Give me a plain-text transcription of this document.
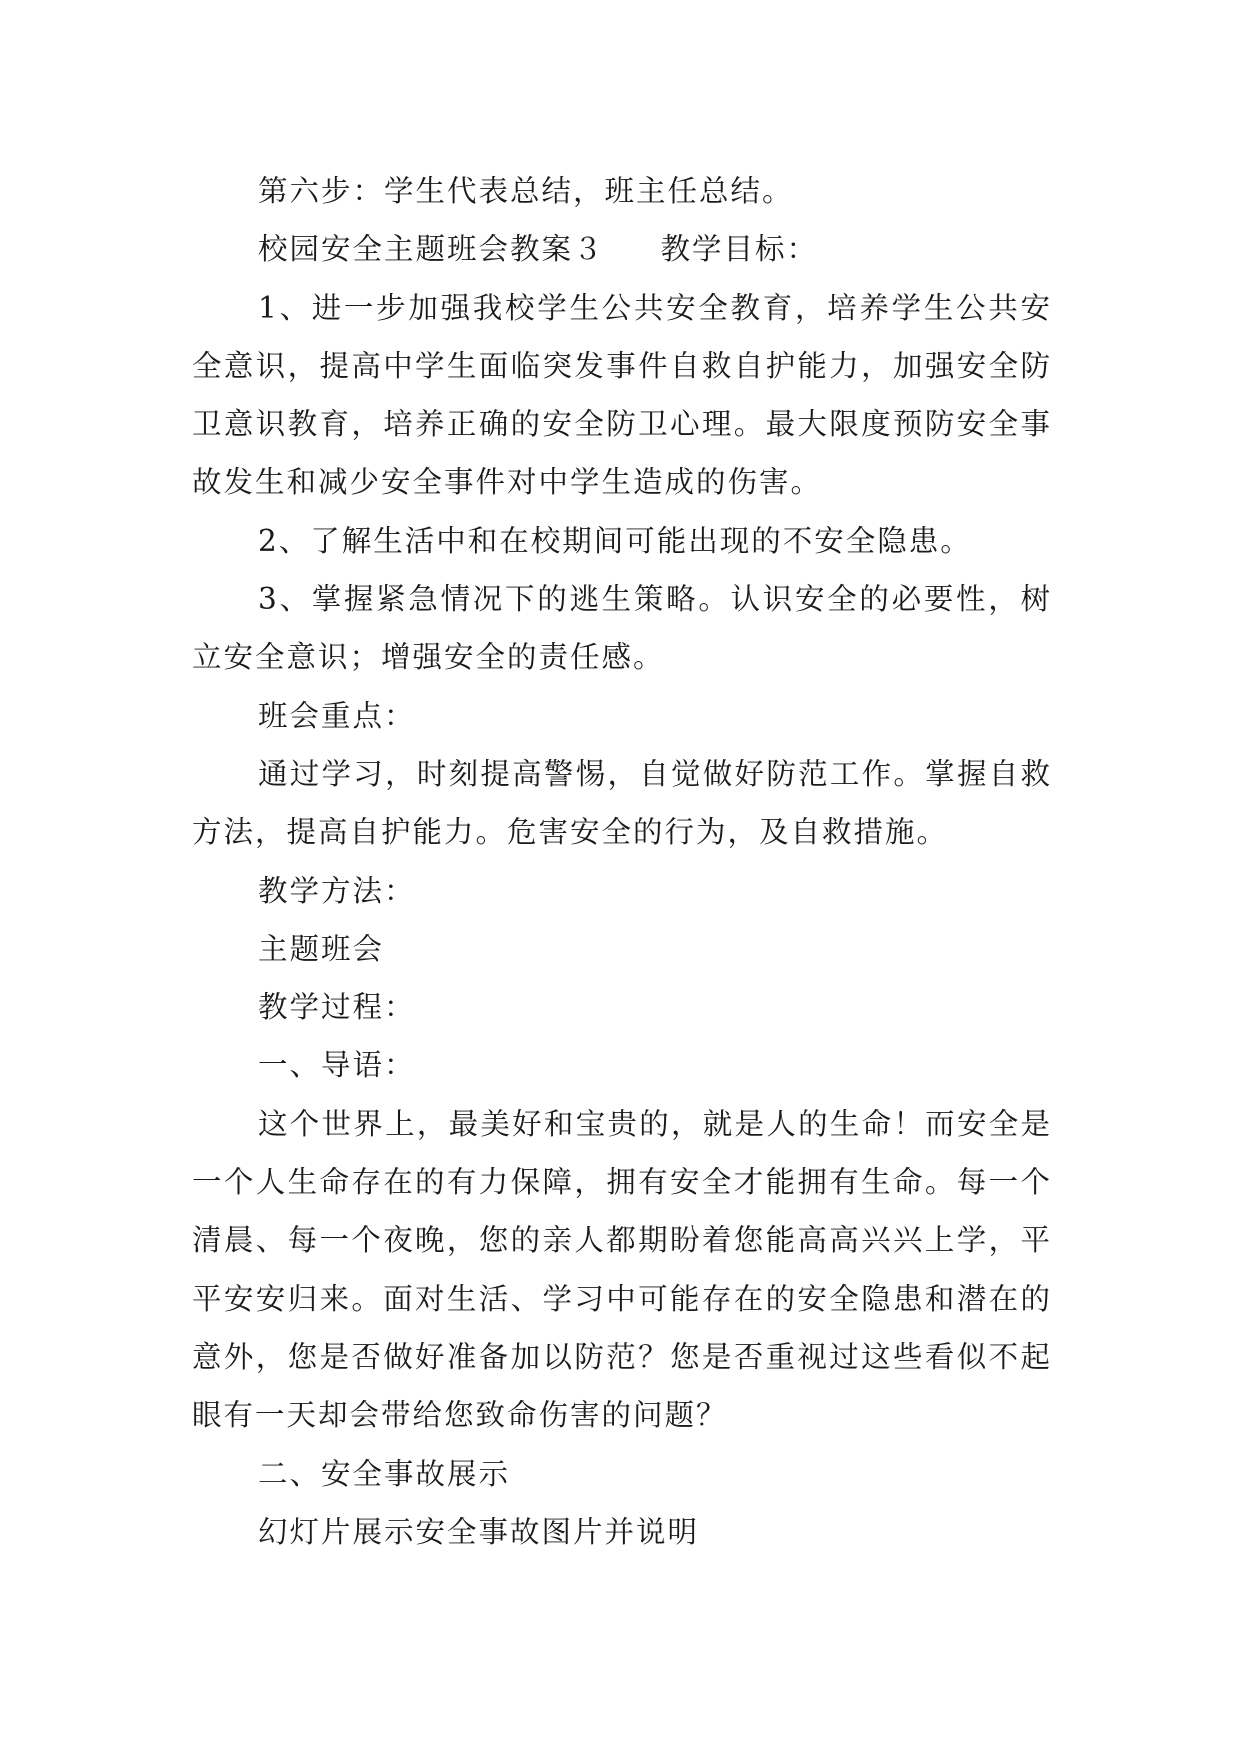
第六步：学生代表总结，班主任总结。

校园安全主题班会教案３ 教学目标：

1、进一步加强我校学生公共安全教育，培养学生公共安全意识，提高中学生面临突发事件自救自护能力，加强安全防卫意识教育，培养正确的安全防卫心理。最大限度预防安全事故发生和减少安全事件对中学生造成的伤害。

2、了解生活中和在校期间可能出现的不安全隐患。

3、掌握紧急情况下的逃生策略。认识安全的必要性，树立安全意识；增强安全的责任感。

班会重点：

通过学习，时刻提高警惕，自觉做好防范工作。掌握自救方法，提高自护能力。危害安全的行为，及自救措施。

教学方法：

主题班会

教学过程：

一、导语：

这个世界上，最美好和宝贵的，就是人的生命！而安全是一个人生命存在的有力保障，拥有安全才能拥有生命。每一个清晨、每一个夜晚，您的亲人都期盼着您能高高兴兴上学，平平安安归来。面对生活、学习中可能存在的安全隐患和潜在的意外，您是否做好准备加以防范？您是否重视过这些看似不起眼有一天却会带给您致命伤害的问题？

二、安全事故展示

幻灯片展示安全事故图片并说明
